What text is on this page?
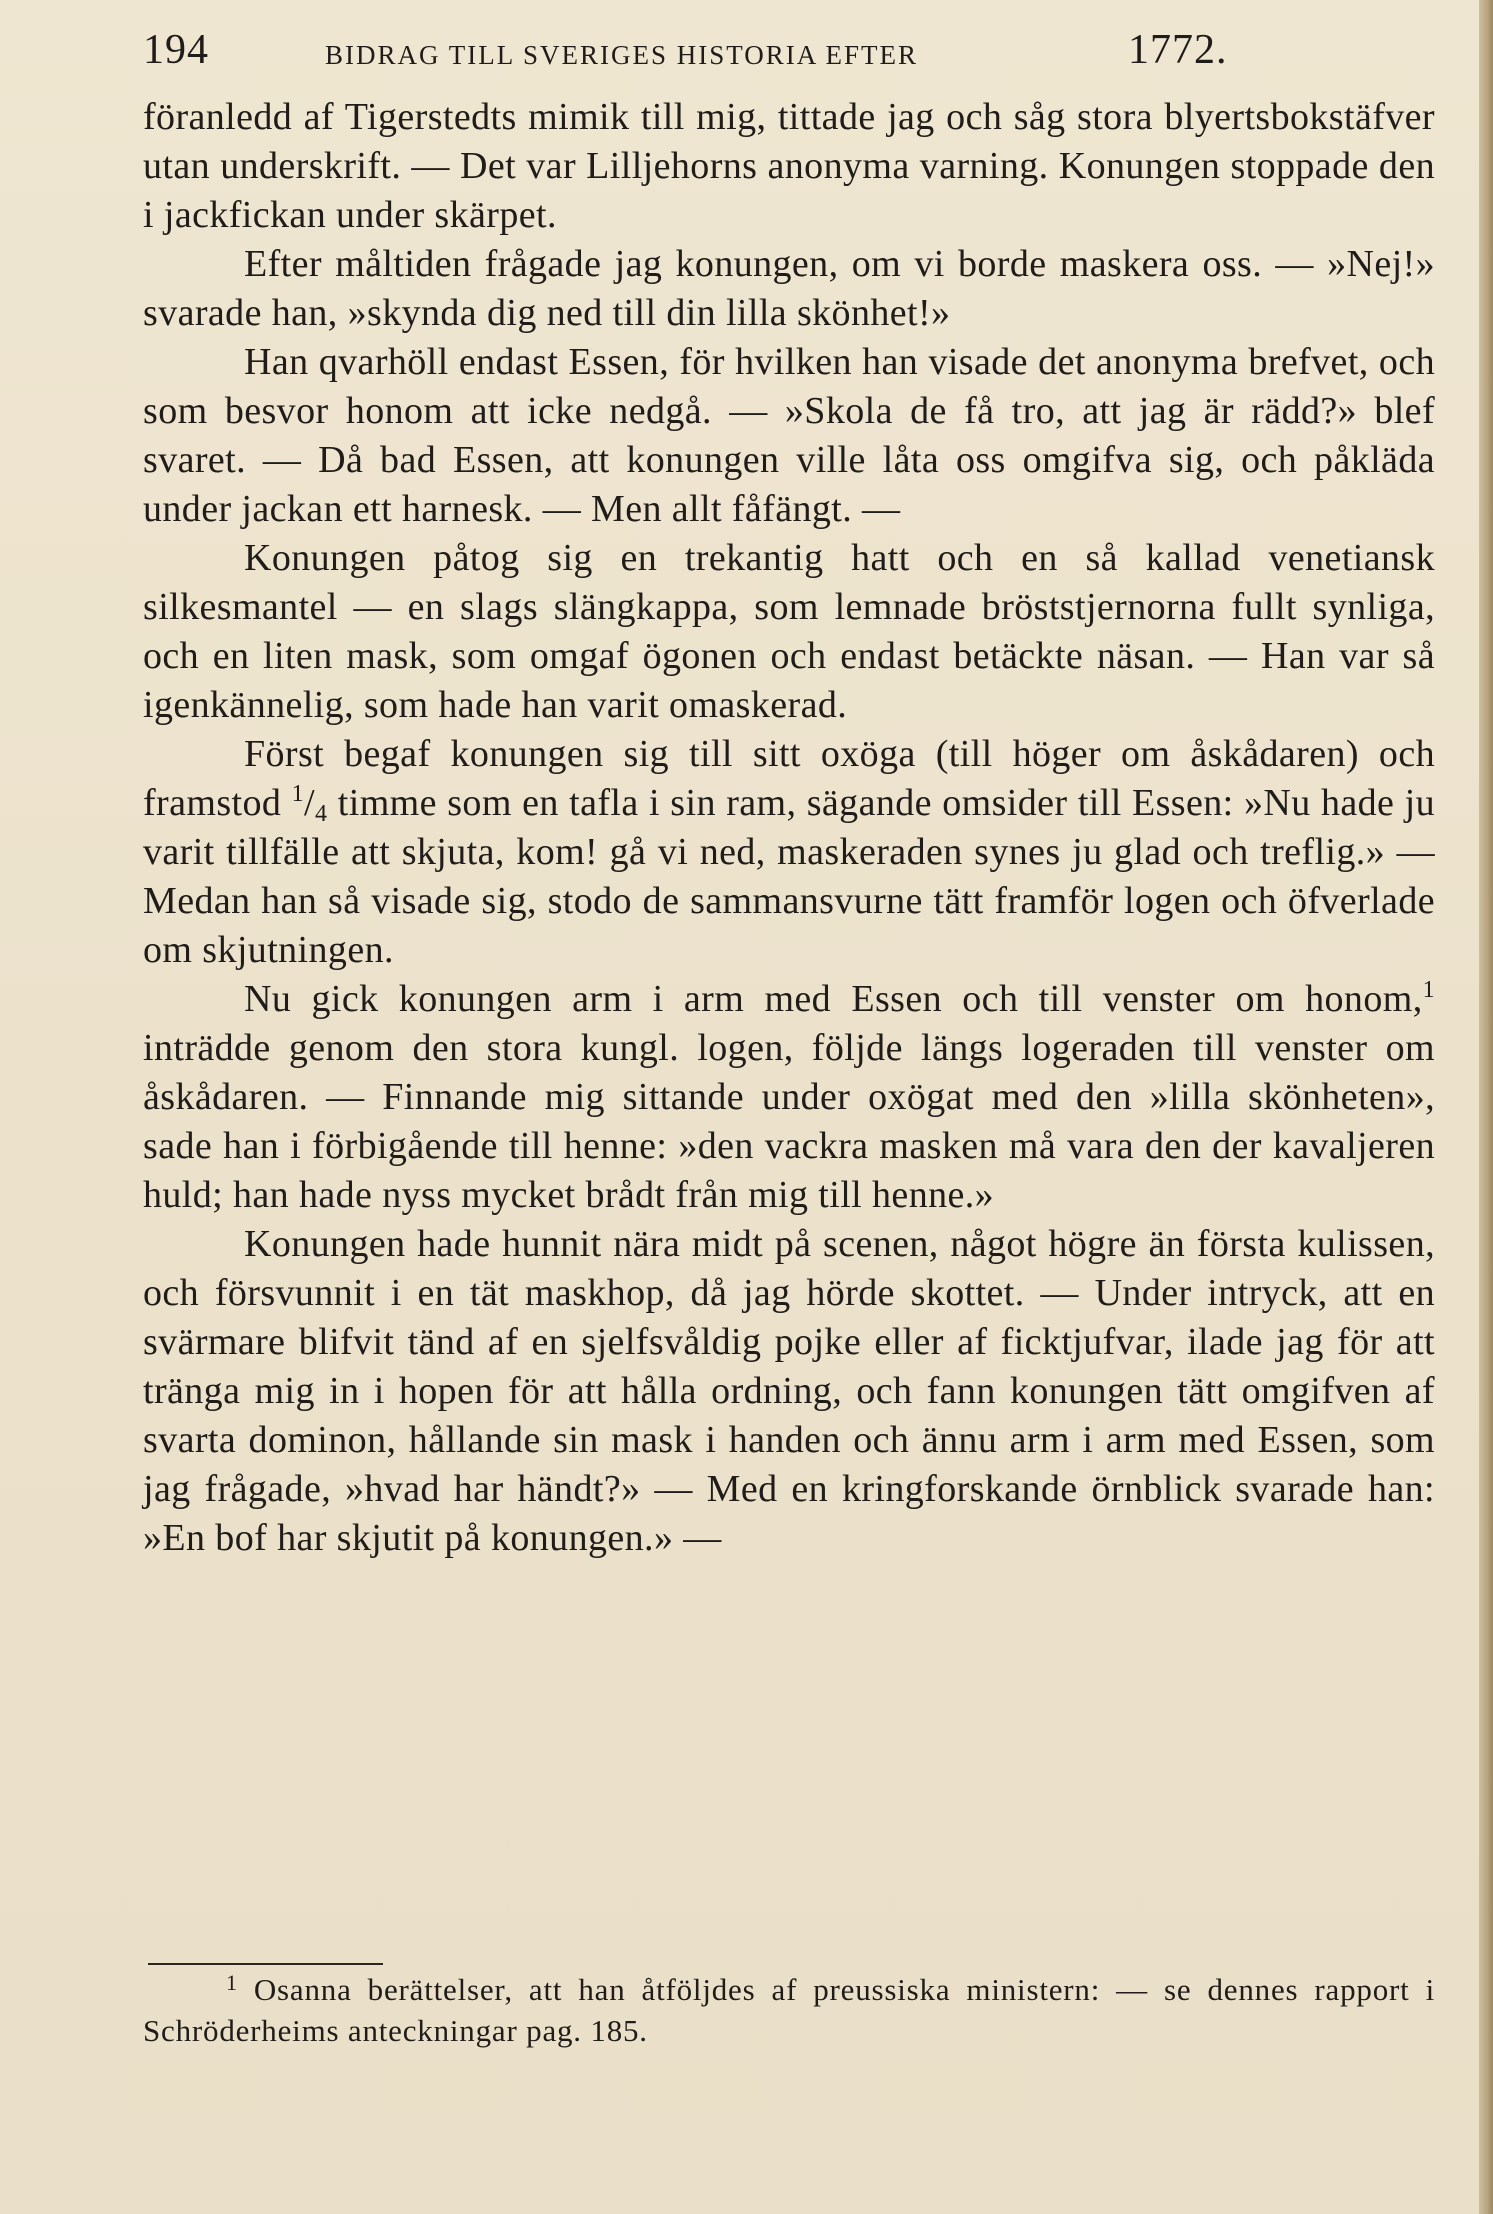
194	BIDRAG TILL SVERIGES HISTORIA EFTER	1772.

föranledd af Tigerstedts mimik till mig, tittade jag och såg stora blyertsbokstäfver utan underskrift. — Det var Lilljehorns anonyma varning. Konungen stoppade den i jackfickan under skärpet.

Efter måltiden frågade jag konungen, om vi borde maskera oss. — »Nej!» svarade han, »skynda dig ned till din lilla skönhet!»

Han qvarhöll endast Essen, för hvilken han visade det anonyma brefvet, och som besvor honom att icke nedgå. — »Skola de få tro, att jag är rädd?» blef svaret. — Då bad Essen, att konungen ville låta oss omgifva sig, och påkläda under jackan ett harnesk. — Men allt fåfängt. —

Konungen påtog sig en trekantig hatt och en så kallad venetiansk silkesmantel — en slags slängkappa, som lemnade bröststjernorna fullt synliga, och en liten mask, som omgaf ögonen och endast betäckte näsan. — Han var så igenkännelig, som hade han varit omaskerad.

Först begaf konungen sig till sitt oxöga (till höger om åskådaren) och framstod $^1/_4$ timme som en tafla i sin ram, sägande omsider till Essen: »Nu hade ju varit tillfälle att skjuta, kom! gå vi ned, maskeraden synes ju glad och treflig.» — Medan han så visade sig, stodo de sammansvurne tätt framför logen och öfverlade om skjutningen.

Nu gick konungen arm i arm med Essen och till venster om honom,$^1$ inträdde genom den stora kungl. logen, följde längs logeraden till venster om åskådaren. — Finnande mig sittande under oxögat med den »lilla skönheten», sade han i förbigående till henne: »den vackra masken må vara den der kavaljeren huld; han hade nyss mycket brådt från mig till henne.»

Konungen hade hunnit nära midt på scenen, något högre än första kulissen, och försvunnit i en tät maskhop, då jag hörde skottet. — Under intryck, att en svärmare blifvit tänd af en sjelfsvåldig pojke eller af ficktjufvar, ilade jag för att tränga mig in i hopen för att hålla ordning, och fann konungen tätt omgifven af svarta dominon, hållande sin mask i handen och ännu arm i arm med Essen, som jag frågade, »hvad har händt?» — Med en kringforskande örnblick svarade han: »En bof har skjutit på konungen.» —

$^1$ Osanna berättelser, att han åtföljdes af preussiska ministern: — se dennes rapport i Schröderheims anteckningar pag. 185.
